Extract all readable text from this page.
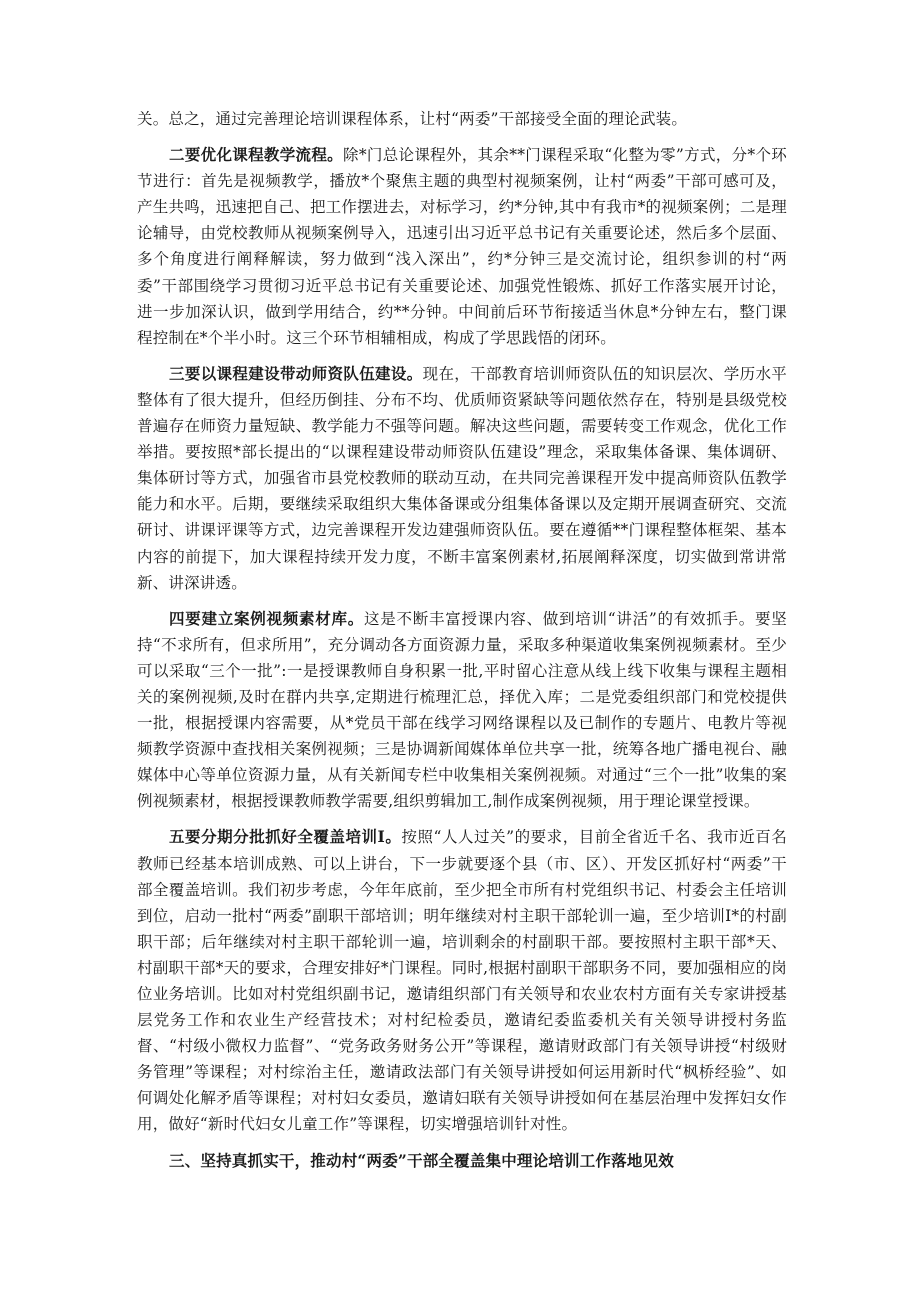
关。总之，通过完善理论培训课程体系，让村“两委”干部接受全面的理论武装。

二要优化课程教学流程。除*门总论课程外，其余**门课程采取“化整为零”方式，分*个环节进行：首先是视频教学，播放*个聚焦主题的典型村视频案例，让村“两委”干部可感可及，产生共鸣，迅速把自己、把工作摆进去，对标学习，约*分钟,其中有我市*的视频案例；二是理论辅导，由党校教师从视频案例导入，迅速引出习近平总书记有关重要论述，然后多个层面、多个角度进行阐释解读，努力做到“浅入深出”，约*分钟三是交流讨论，组织参训的村“两委”干部围绕学习贯彻习近平总书记有关重要论述、加强党性锻炼、抓好工作落实展开讨论，进一步加深认识，做到学用结合，约**分钟。中间前后环节衔接适当休息*分钟左右，整门课程控制在*个半小时。这三个环节相辅相成，构成了学思践悟的闭环。

三要以课程建设带动师资队伍建设。现在，干部教育培训师资队伍的知识层次、学历水平整体有了很大提升，但经历倒挂、分布不均、优质师资紧缺等问题依然存在，特别是县级党校普遍存在师资力量短缺、教学能力不强等问题。解决这些问题，需要转变工作观念，优化工作举措。要按照*部长提出的“以课程建设带动师资队伍建设”理念，采取集体备课、集体调研、集体研讨等方式，加强省市县党校教师的联动互动，在共同完善课程开发中提高师资队伍教学能力和水平。后期，要继续采取组织大集体备课或分组集体备课以及定期开展调查研究、交流研讨、讲课评课等方式，边完善课程开发边建强师资队伍。要在遵循**门课程整体框架、基本内容的前提下，加大课程持续开发力度，不断丰富案例素材,拓展阐释深度，切实做到常讲常新、讲深讲透。

四要建立案例视频素材库。这是不断丰富授课内容、做到培训“讲活”的有效抓手。要坚持“不求所有，但求所用”，充分调动各方面资源力量，采取多种渠道收集案例视频素材。至少可以采取“三个一批”:一是授课教师自身积累一批,平时留心注意从线上线下收集与课程主题相关的案例视频,及时在群内共享,定期进行梳理汇总，择优入库；二是党委组织部门和党校提供一批，根据授课内容需要，从*党员干部在线学习网络课程以及已制作的专题片、电教片等视频教学资源中查找相关案例视频；三是协调新闻媒体单位共享一批，统筹各地广播电视台、融媒体中心等单位资源力量，从有关新闻专栏中收集相关案例视频。对通过“三个一批”收集的案例视频素材，根据授课教师教学需要,组织剪辑加工,制作成案例视频，用于理论课堂授课。

五要分期分批抓好全覆盖培训I。按照“人人过关”的要求，目前全省近千名、我市近百名教师已经基本培训成熟、可以上讲台，下一步就要逐个县（市、区）、开发区抓好村“两委”干部全覆盖培训。我们初步考虑，今年年底前，至少把全市所有村党组织书记、村委会主任培训到位，启动一批村“两委”副职干部培训；明年继续对村主职干部轮训一遍，至少培训I*的村副职干部；后年继续对村主职干部轮训一遍，培训剩余的村副职干部。要按照村主职干部*天、村副职干部*天的要求，合理安排好*门课程。同时,根据村副职干部职务不同，要加强相应的岗位业务培训。比如对村党组织副书记，邀请组织部门有关领导和农业农村方面有关专家讲授基层党务工作和农业生产经营技术；对村纪检委员，邀请纪委监委机关有关领导讲授村务监督、“村级小微权力监督”、“党务政务财务公开”等课程，邀请财政部门有关领导讲授“村级财务管理”等课程；对村综治主任，邀请政法部门有关领导讲授如何运用新时代“枫桥经验”、如何调处化解矛盾等课程；对村妇女委员，邀请妇联有关领导讲授如何在基层治理中发挥妇女作用，做好“新时代妇女儿童工作”等课程，切实增强培训针对性。

三、坚持真抓实干，推动村“两委”干部全覆盖集中理论培训工作落地见效
